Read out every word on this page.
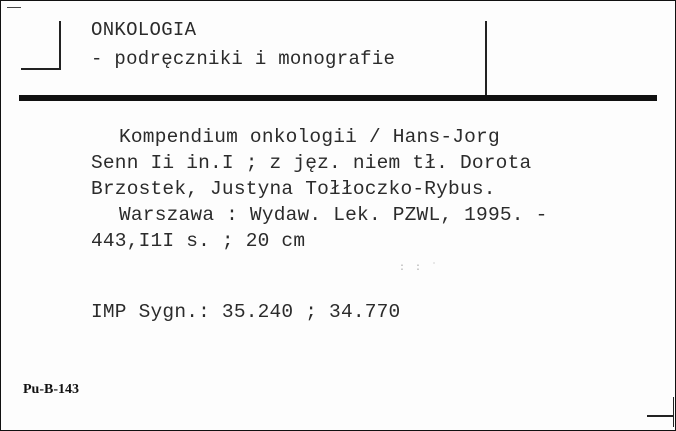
ONKOLOGIA
- podręczniki i monografie
Kompendium onkologii / Hans-Jorg
Senn Ii in.I ; z jęz. niem tł. Dorota
Brzostek, Justyna Tołłoczko-Rybus.
Warszawa : Wydaw. Lek. PZWL, 1995. -
443,I1I s. ; 20 cm
: : ˙
IMP Sygn.: 35.240 ; 34.770
Pu-B-143
